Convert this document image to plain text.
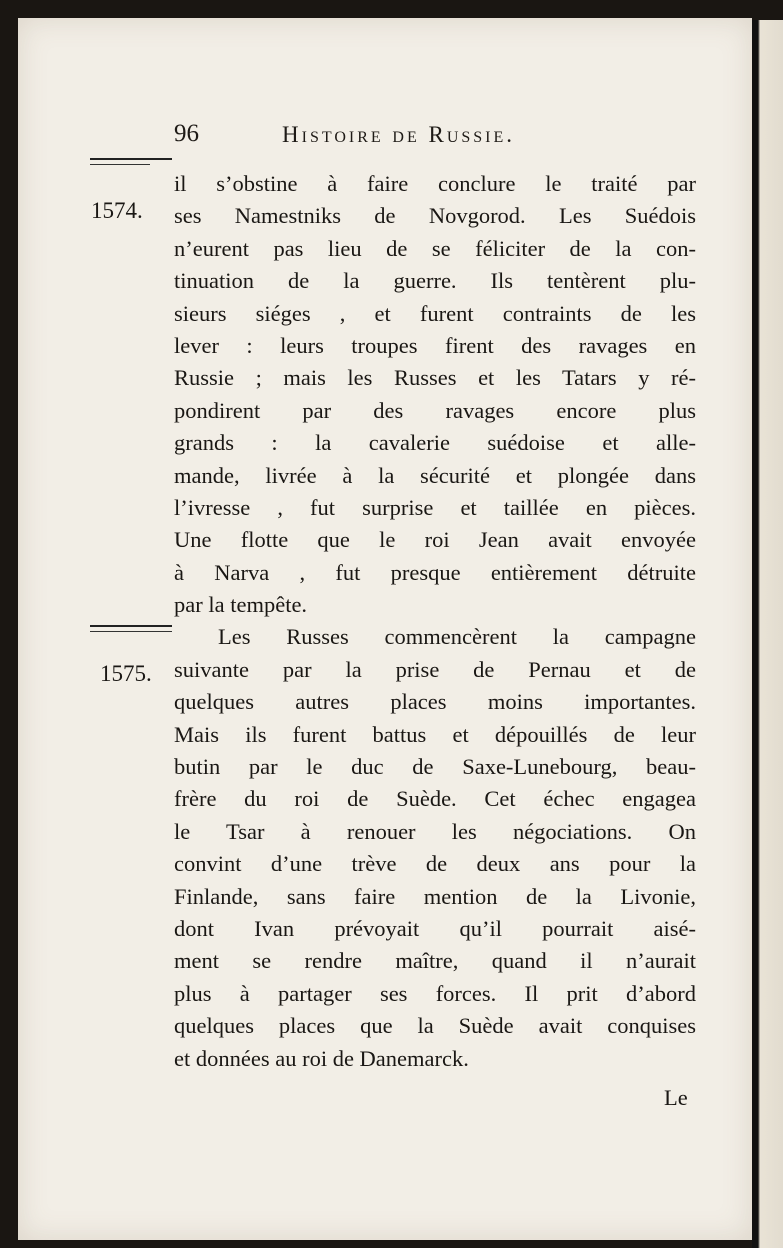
96	Histoire de Russie.
1574.
1575.
il s’obstine à faire conclure le traité par
ses Namestniks de Novgorod. Les Suédois
n’eurent pas lieu de se féliciter de la con-
tinuation de la guerre. Ils tentèrent plu-
sieurs siéges , et furent contraints de les
lever : leurs troupes firent des ravages en
Russie ; mais les Russes et les Tatars y ré-
pondirent par des ravages encore plus
grands : la cavalerie suédoise et alle-
mande, livrée à la sécurité et plongée dans
l’ivresse , fut surprise et taillée en pièces.
Une flotte que le roi Jean avait envoyée
à Narva , fut presque entièrement détruite
par la tempête.
Les Russes commencèrent la campagne
suivante par la prise de Pernau et de
quelques autres places moins importantes.
Mais ils furent battus et dépouillés de leur
butin par le duc de Saxe-Lunebourg, beau-
frère du roi de Suède. Cet échec engagea
le Tsar à renouer les négociations. On
convint d’une trève de deux ans pour la
Finlande, sans faire mention de la Livonie,
dont Ivan prévoyait qu’il pourrait aisé-
ment se rendre maître, quand il n’aurait
plus à partager ses forces. Il prit d’abord
quelques places que la Suède avait conquises
et données au roi de Danemarck.
Le
